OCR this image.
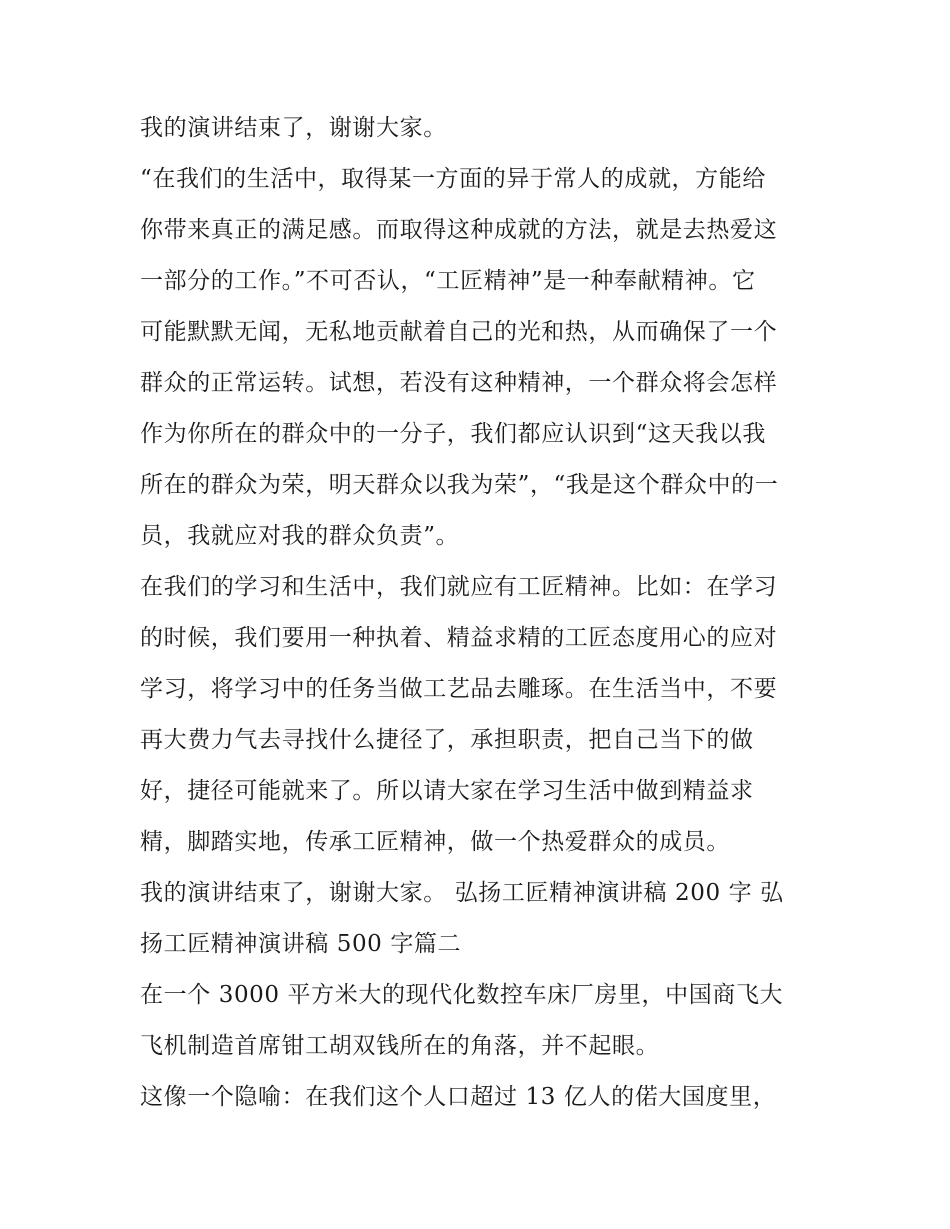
我的演讲结束了，谢谢大家。
“在我们的生活中，取得某一方面的异于常人的成就，方能给
你带来真正的满足感。而取得这种成就的方法，就是去热爱这
一部分的工作。”不可否认，“工匠精神”是一种奉献精神。它
可能默默无闻，无私地贡献着自己的光和热，从而确保了一个
群众的正常运转。试想，若没有这种精神，一个群众将会怎样
作为你所在的群众中的一分子，我们都应认识到“这天我以我
所在的群众为荣，明天群众以我为荣”，“我是这个群众中的一
员，我就应对我的群众负责”。
在我们的学习和生活中，我们就应有工匠精神。比如：在学习
的时候，我们要用一种执着、精益求精的工匠态度用心的应对
学习，将学习中的任务当做工艺品去雕琢。在生活当中，不要
再大费力气去寻找什么捷径了，承担职责，把自己当下的做
好，捷径可能就来了。所以请大家在学习生活中做到精益求
精，脚踏实地，传承工匠精神，做一个热爱群众的成员。
我的演讲结束了，谢谢大家。 弘扬工匠精神演讲稿 200 字 弘
扬工匠精神演讲稿 500 字篇二
在一个 3000 平方米大的现代化数控车床厂房里，中国商飞大
飞机制造首席钳工胡双钱所在的角落，并不起眼。
这像一个隐喻：在我们这个人口超过 13 亿人的偌大国度里，
